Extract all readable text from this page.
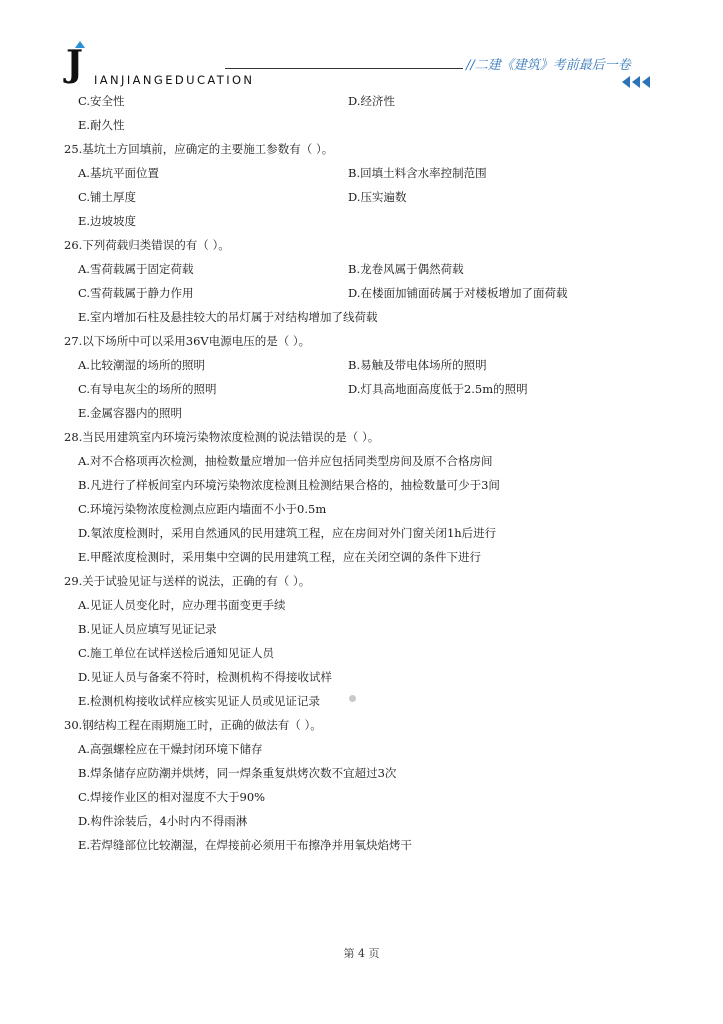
J IANJIANGEDUCATION
//二建《建筑》考前最后一卷
C.安全性	D.经济性
E.耐久性
25.基坑土方回填前，应确定的主要施工参数有（ ）。
A.基坑平面位置	B.回填土料含水率控制范围
C.铺土厚度	D.压实遍数
E.边坡坡度
26.下列荷载归类错误的有（ ）。
A.雪荷载属于固定荷载	B.龙卷风属于偶然荷载
C.雪荷载属于静力作用	D.在楼面加铺面砖属于对楼板增加了面荷载
E.室内增加石柱及悬挂较大的吊灯属于对结构增加了线荷载
27.以下场所中可以采用36V电源电压的是（ ）。
A.比较潮湿的场所的照明	B.易触及带电体场所的照明
C.有导电灰尘的场所的照明	D.灯具高地面高度低于2.5m的照明
E.金属容器内的照明
28.当民用建筑室内环境污染物浓度检测的说法错误的是（ ）。
A.对不合格项再次检测，抽检数量应增加一倍并应包括同类型房间及原不合格房间
B.凡进行了样板间室内环境污染物浓度检测且检测结果合格的，抽检数量可少于3间
C.环境污染物浓度检测点应距内墙面不小于0.5m
D.氡浓度检测时，采用自然通风的民用建筑工程，应在房间对外门窗关闭1h后进行
E.甲醛浓度检测时，采用集中空调的民用建筑工程，应在关闭空调的条件下进行
29.关于试验见证与送样的说法，正确的有（ ）。
A.见证人员变化时，应办理书面变更手续
B.见证人员应填写见证记录
C.施工单位在试样送检后通知见证人员
D.见证人员与备案不符时，检测机构不得接收试样
E.检测机构接收试样应核实见证人员或见证记录
30.钢结构工程在雨期施工时，正确的做法有（ ）。
A.高强螺栓应在干燥封闭环境下储存
B.焊条储存应防潮并烘烤，同一焊条重复烘烤次数不宜超过3次
C.焊接作业区的相对湿度不大于90%
D.构件涂装后，4小时内不得雨淋
E.若焊缝部位比较潮湿，在焊接前必须用干布擦净并用氧炔焰烤干
第 4 页
